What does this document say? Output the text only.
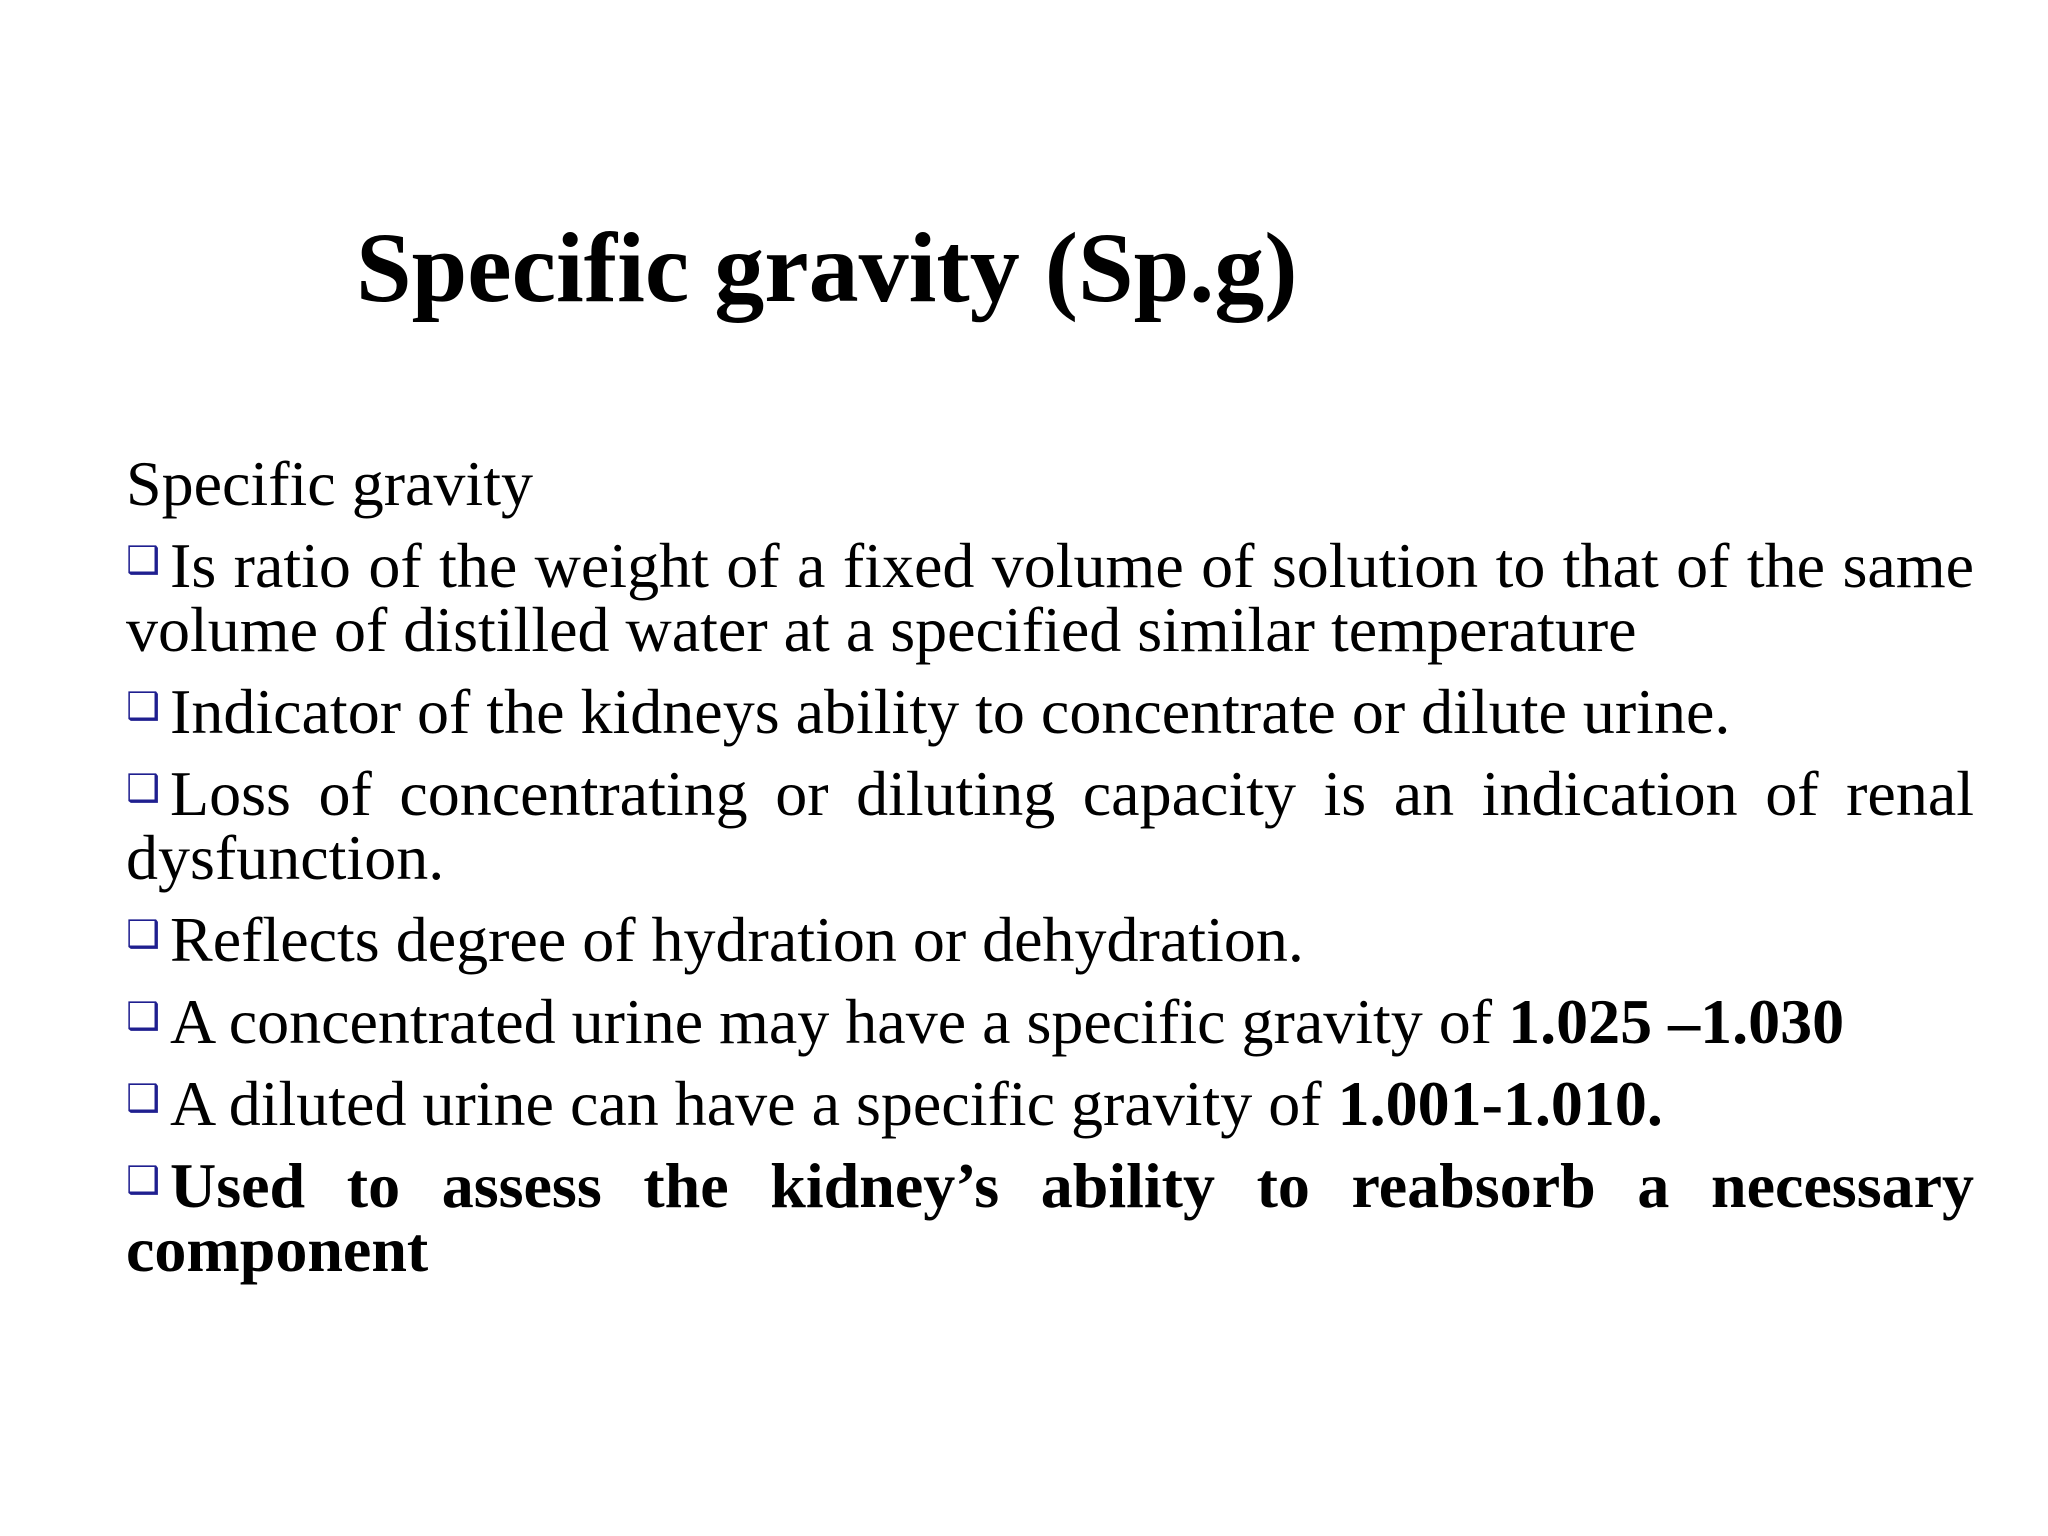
Specific gravity (Sp.g)

Specific gravity

❑ Is ratio of the weight of a fixed volume of solution to that of the same volume of distilled water at a specified similar temperature
❑ Indicator of the kidneys ability to concentrate or dilute urine.
❑ Loss of concentrating or diluting capacity is an indication of renal dysfunction.
❑ Reflects degree of hydration or dehydration.
❑ A concentrated urine may have a specific gravity of 1.025 –1.030
❑ A diluted urine can have a specific gravity of 1.001-1.010.
❑ Used to assess the kidney’s ability to reabsorb a necessary component
